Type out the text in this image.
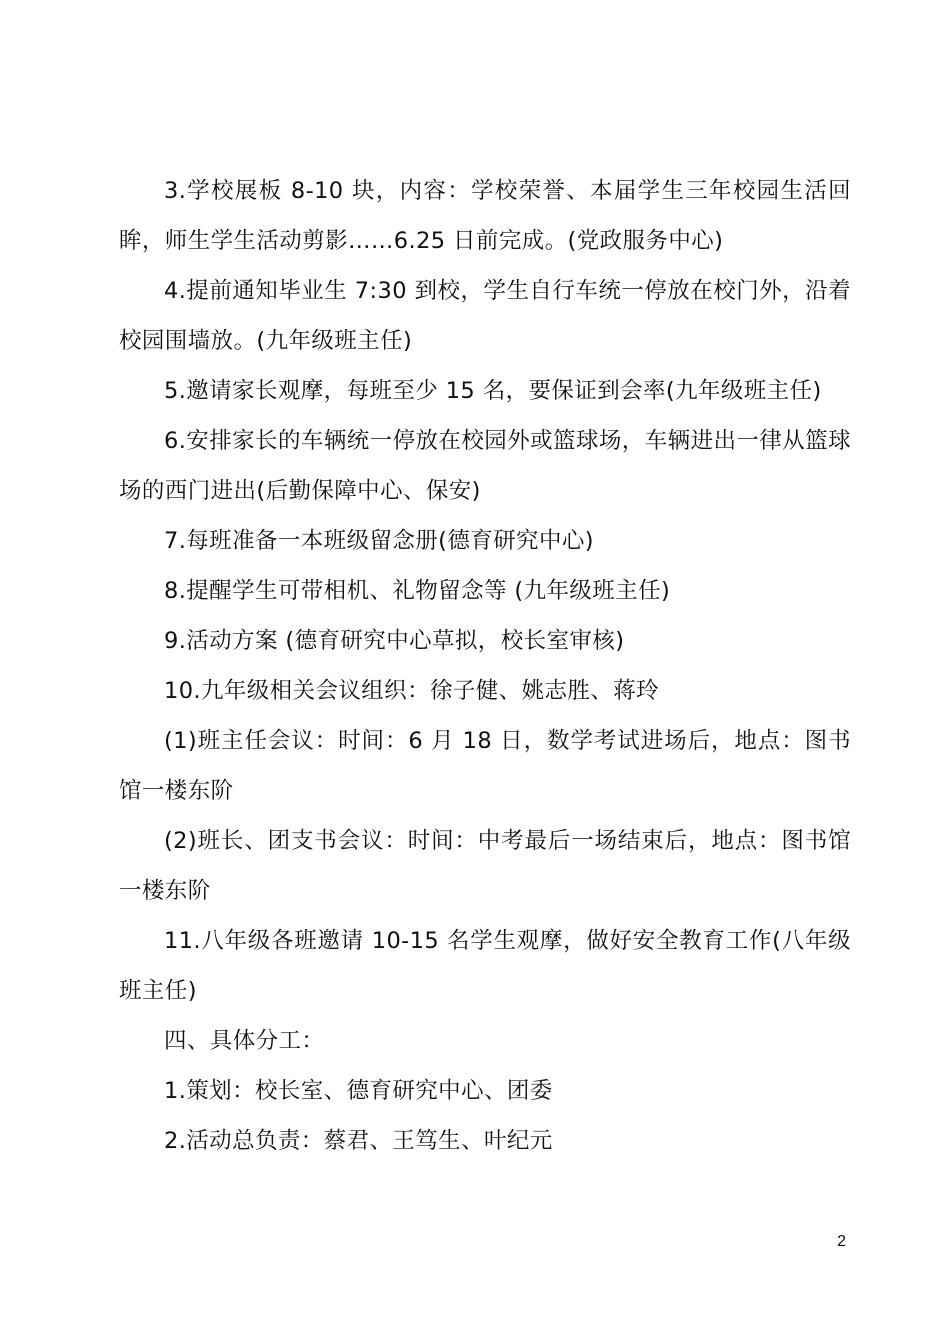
3.学校展板 8-10 块，内容：学校荣誉、本届学生三年校园生活回眸，师生学生活动剪影……6.25 日前完成。(党政服务中心)

4.提前通知毕业生 7:30 到校，学生自行车统一停放在校门外，沿着校园围墙放。(九年级班主任)

5.邀请家长观摩，每班至少 15 名，要保证到会率(九年级班主任)

6.安排家长的车辆统一停放在校园外或篮球场，车辆进出一律从篮球场的西门进出(后勤保障中心、保安)

7.每班准备一本班级留念册(德育研究中心)

8.提醒学生可带相机、礼物留念等 (九年级班主任)

9.活动方案 (德育研究中心草拟，校长室审核)

10.九年级相关会议组织：徐子健、姚志胜、蒋玲

(1)班主任会议：时间：6 月 18 日，数学考试进场后，地点：图书馆一楼东阶

(2)班长、团支书会议：时间：中考最后一场结束后，地点：图书馆一楼东阶

11.八年级各班邀请 10-15 名学生观摩，做好安全教育工作(八年级班主任)

四、具体分工：

1.策划：校长室、德育研究中心、团委

2.活动总负责：蔡君、王笃生、叶纪元

2
